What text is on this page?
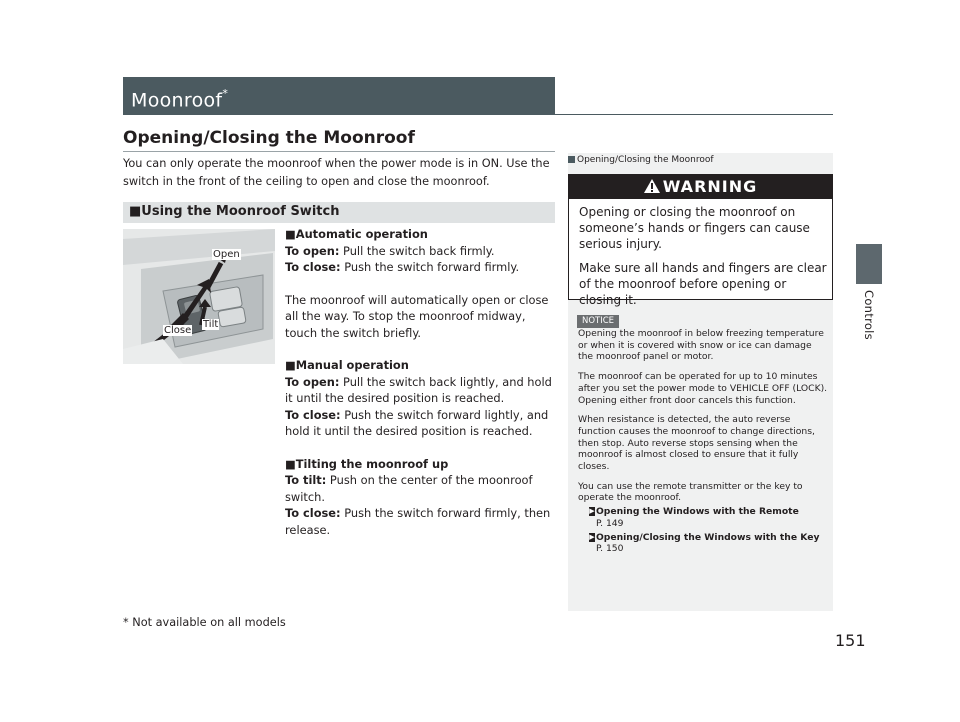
Moonroof*
Controls
Opening/Closing the Moonroof
You can only operate the moonroof when the power mode is in ON. Use the switch in the front of the ceiling to open and close the moonroof.
■Using the Moonroof Switch
Open
Tilt
Close

■Automatic operation

To open: Pull the switch back firmly.

To close: Push the switch forward firmly.

The moonroof will automatically open or close all the way. To stop the moonroof midway, touch the switch briefly.

■Manual operation

To open: Pull the switch back lightly, and hold it until the desired position is reached.

To close: Push the switch forward lightly, and hold it until the desired position is reached.

■Tilting the moonroof up

To tilt: Push on the center of the moonroof switch.

To close: Push the switch forward firmly, then release.

Opening/Closing the Moonroof
WARNING

Opening or closing the moonroof on someone’s hands or fingers can cause serious injury.

Make sure all hands and fingers are clear of the moonroof before opening or closing it.

NOTICE

Opening the moonroof in below freezing temperature or when it is covered with snow or ice can damage the moonroof panel or motor.

The moonroof can be operated for up to 10 minutes after you set the power mode to VEHICLE OFF (LOCK). Opening either front door cancels this function.

When resistance is detected, the auto reverse function causes the moonroof to change directions, then stop. Auto reverse stops sensing when the moonroof is almost closed to ensure that it fully closes.

You can use the remote transmitter or the key to operate the moonroof.

▶ Opening the Windows with the Remote
P. 149

▶ Opening/Closing the Windows with the Key P. 150

* Not available on all models
151
